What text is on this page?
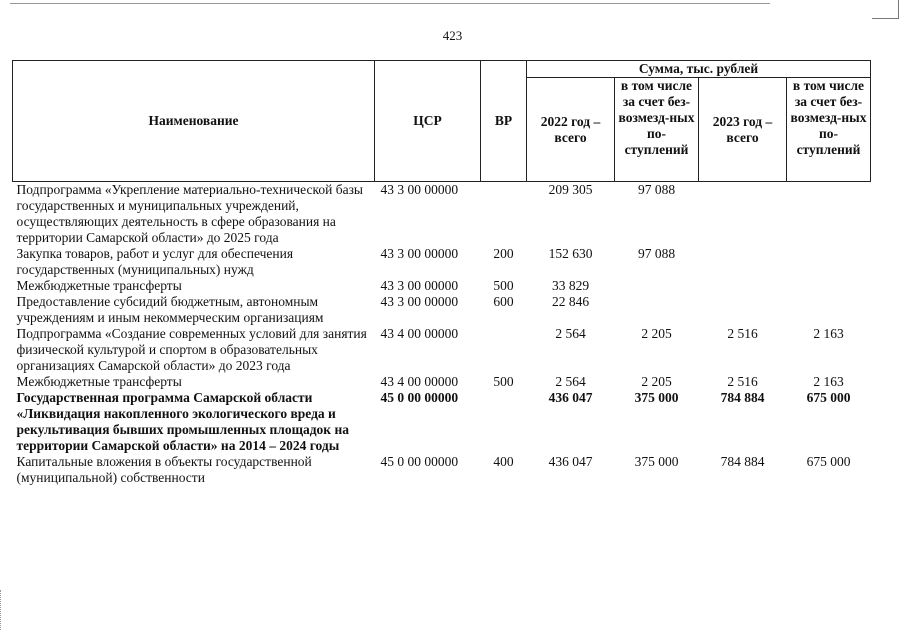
423
Наименование	ЦСР	ВР	Сумма, тыс. рублей			
			2022 год – всего	в том числе за счет без-возмезд-ных по-ступлений	2023 год – всего	в том числе за счет без-возмезд-ных по-ступлений
Подпрограмма «Укрепление материально-технической базы государственных и муниципальных учреждений, осуществляющих деятельность в сфере образования на территории Самарской области» до 2025 года	43 3 00 00000		209 305	97 088		
Закупка товаров, работ и услуг для обеспечения государственных (муниципальных) нужд	43 3 00 00000	200	152 630	97 088		
Межбюджетные трансферты	43 3 00 00000	500	33 829			
Предоставление субсидий бюджетным, автономным учреждениям и иным некоммерческим организациям	43 3 00 00000	600	22 846			
Подпрограмма «Создание современных условий для занятия физической культурой и спортом в образовательных организациях Самарской области» до 2023 года	43 4 00 00000		2 564	2 205	2 516	2 163
Межбюджетные трансферты	43 4 00 00000	500	2 564	2 205	2 516	2 163
Государственная программа Самарской области «Ликвидация накопленного экологического вреда и рекультивация бывших промышленных площадок на территории Самарской области» на 2014 – 2024 годы	45 0 00 00000		436 047	375 000	784 884	675 000
Капитальные вложения в объекты государственной (муниципальной) собственности	45 0 00 00000	400	436 047	375 000	784 884	675 000
